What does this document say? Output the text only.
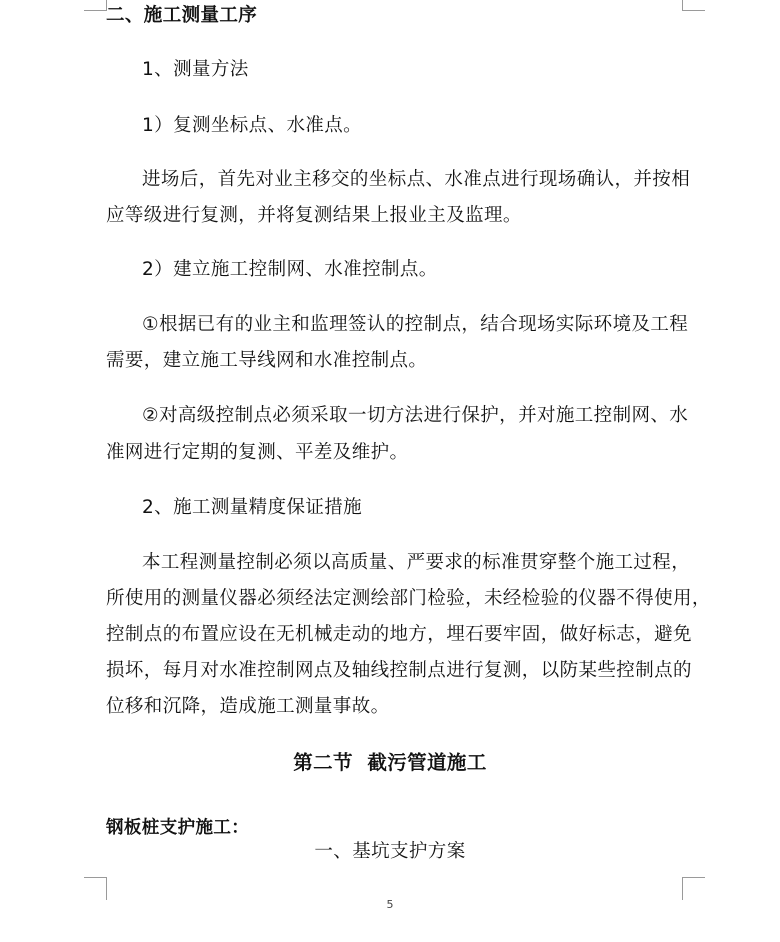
二、施工测量工序
1、测量方法
1）复测坐标点、水准点。
进场后，首先对业主移交的坐标点、水准点进行现场确认，并按相
应等级进行复测，并将复测结果上报业主及监理。
2）建立施工控制网、水准控制点。
①根据已有的业主和监理签认的控制点，结合现场实际环境及工程
需要，建立施工导线网和水准控制点。
②对高级控制点必须采取一切方法进行保护，并对施工控制网、水
准网进行定期的复测、平差及维护。
2、施工测量精度保证措施
本工程测量控制必须以高质量、严要求的标准贯穿整个施工过程，
所使用的测量仪器必须经法定测绘部门检验，未经检验的仪器不得使用，
控制点的布置应设在无机械走动的地方，埋石要牢固，做好标志，避免
损坏，每月对水准控制网点及轴线控制点进行复测，以防某些控制点的
位移和沉降，造成施工测量事故。
第二节  截污管道施工
钢板桩支护施工：
一、基坑支护方案
5
